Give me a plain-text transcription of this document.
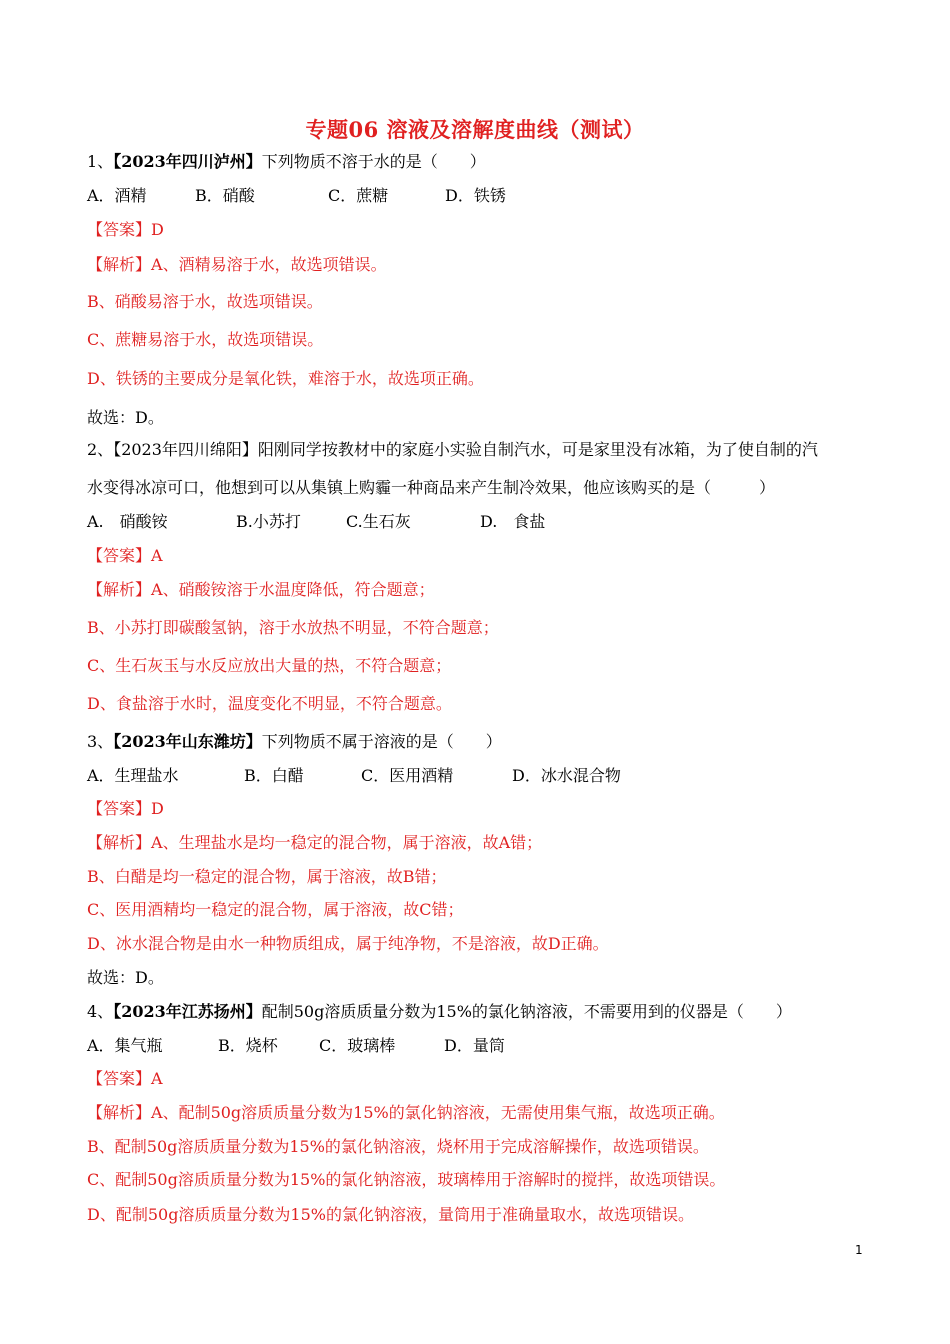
专题06 溶液及溶解度曲线（测试）
1、【2023年四川泸州】下列物质不溶于水的是（　　）
A．酒精	B．硝酸	C．蔗糖	D．铁锈
【答案】D
【解析】A、酒精易溶于水，故选项错误。
B、硝酸易溶于水，故选项错误。
C、蔗糖易溶于水，故选项错误。
D、铁锈的主要成分是氧化铁，难溶于水，故选项正确。
故选：D。
2、【2023年四川绵阳】阳刚同学按教材中的家庭小实验自制汽水，可是家里没有冰箱，为了使自制的汽
水变得冰凉可口，他想到可以从集镇上购霾一种商品来产生制冷效果，他应该购买的是（　　　）
A.　硝酸铵	B.小苏打	C.生石灰	D.　食盐
【答案】A
【解析】A、硝酸铵溶于水温度降低，符合题意；
B、小苏打即碳酸氢钠，溶于水放热不明显，不符合题意；
C、生石灰玉与水反应放出大量的热，不符合题意；
D、食盐溶于水时，温度变化不明显，不符合题意。
3、【2023年山东潍坊】下列物质不属于溶液的是（　　）
A．生理盐水	B．白醋	C．医用酒精	D．冰水混合物
【答案】D
【解析】A、生理盐水是均一稳定的混合物，属于溶液，故A错；
B、白醋是均一稳定的混合物，属于溶液，故B错；
C、医用酒精均一稳定的混合物，属于溶液，故C错；
D、冰水混合物是由水一种物质组成，属于纯净物，不是溶液，故D正确。
故选：D。
4、【2023年江苏扬州】配制50g溶质质量分数为15%的氯化钠溶液，不需要用到的仪器是（　　）
A．集气瓶	B．烧杯	C．玻璃棒	D．量筒
【答案】A
【解析】A、配制50g溶质质量分数为15%的氯化钠溶液，无需使用集气瓶，故选项正确。
B、配制50g溶质质量分数为15%的氯化钠溶液，烧杯用于完成溶解操作，故选项错误。
C、配制50g溶质质量分数为15%的氯化钠溶液，玻璃棒用于溶解时的搅拌，故选项错误。
D、配制50g溶质质量分数为15%的氯化钠溶液，量筒用于准确量取水，故选项错误。
1
